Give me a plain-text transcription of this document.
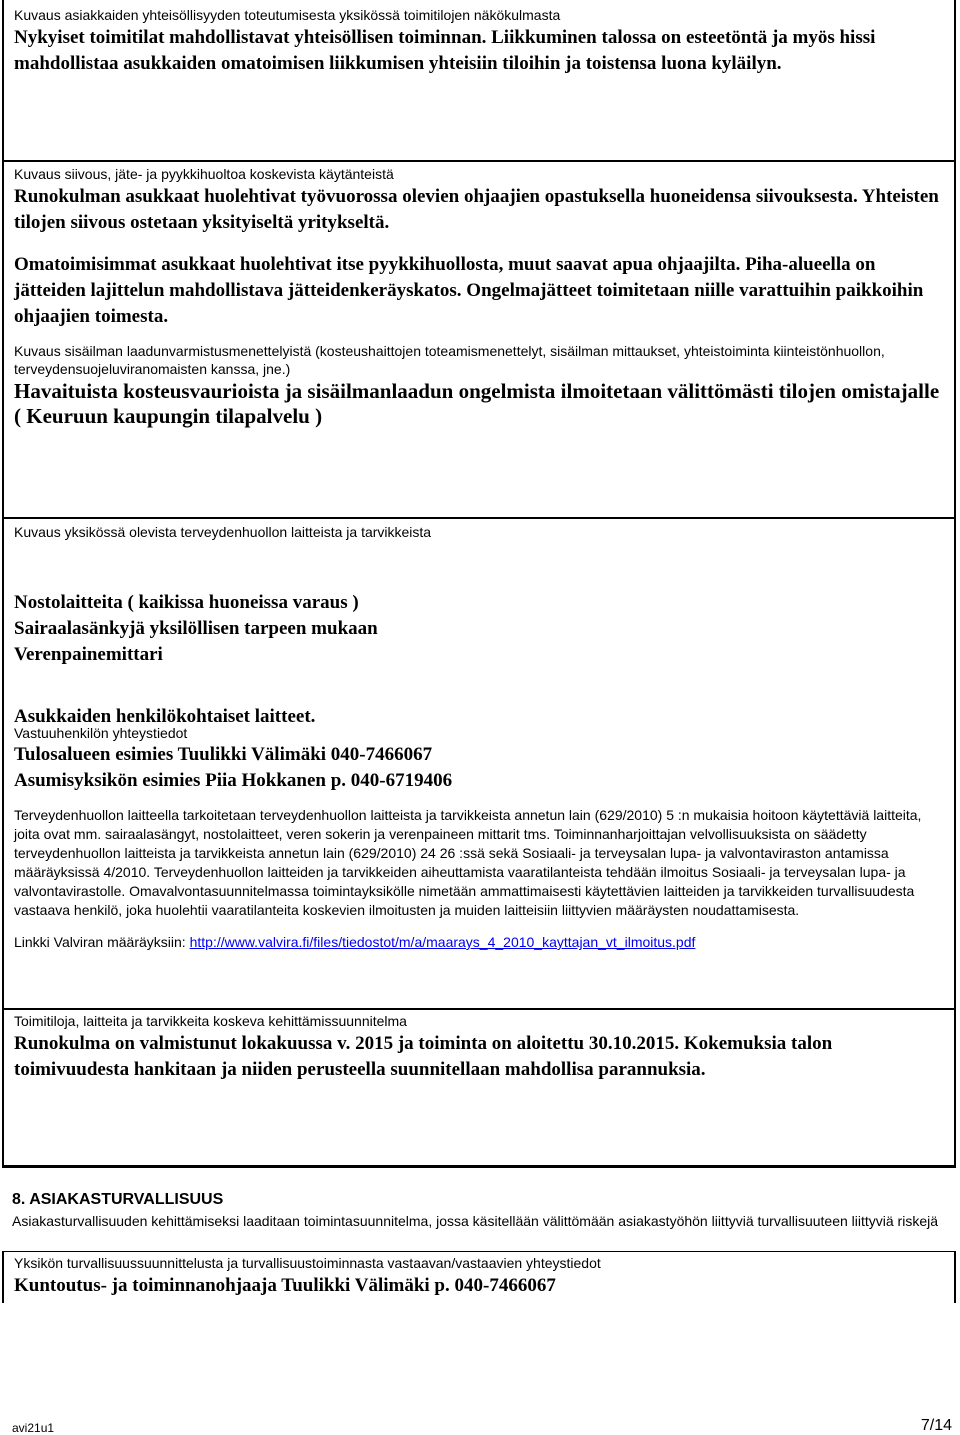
Kuvaus asiakkaiden yhteisöllisyyden toteutumisesta yksikössä toimitilojen näkökulmasta

Nykyiset toimitilat mahdollistavat yhteisöllisen toiminnan. Liikkuminen talossa on esteetöntä ja myös hissi mahdollistaa asukkaiden omatoimisen liikkumisen yhteisiin tiloihin ja toistensa luona kyläilyn.

Kuvaus siivous, jäte- ja pyykkihuoltoa koskevista käytänteistä

Runokulman asukkaat huolehtivat työvuorossa olevien ohjaajien opastuksella huoneidensa siivouksesta. Yhteisten tilojen siivous ostetaan yksityiseltä yritykseltä.

Omatoimisimmat asukkaat huolehtivat itse pyykkihuollosta, muut saavat apua ohjaajilta. Piha-alueella on jätteiden lajittelun mahdollistava jätteidenkeräyskatos. Ongelmajätteet toimitetaan niille varattuihin paikkoihin ohjaajien toimesta.

Kuvaus sisäilman laadunvarmistusmenettelyistä (kosteushaittojen toteamismenettelyt, sisäilman mittaukset, yhteistoiminta kiinteistönhuollon, terveydensuojeluviranomaisten kanssa, jne.)

Havaituista kosteusvaurioista ja sisäilmanlaadun ongelmista ilmoitetaan välittömästi tilojen omistajalle ( Keuruun kaupungin tilapalvelu )

Kuvaus yksikössä olevista terveydenhuollon laitteista ja tarvikkeista

Nostolaitteita ( kaikissa huoneissa varaus )

Sairaalasänkyjä yksilöllisen tarpeen mukaan

Verenpainemittari

Asukkaiden henkilökohtaiset laitteet.

Vastuuhenkilön yhteystiedot

Tulosalueen esimies Tuulikki Välimäki 040-7466067

Asumisyksikön esimies Piia Hokkanen p. 040-6719406

Terveydenhuollon laitteella tarkoitetaan terveydenhuollon laitteista ja tarvikkeista annetun lain (629/2010) 5 :n mukaisia hoitoon käytettäviä laitteita, joita ovat mm. sairaalasängyt, nostolaitteet, veren sokerin ja verenpaineen mittarit tms. Toiminnanharjoittajan velvollisuuksista on säädetty terveydenhuollon laitteista ja tarvikkeista annetun lain (629/2010) 24 26 :ssä sekä Sosiaali- ja terveysalan lupa- ja valvontaviraston antamissa määräyksissä 4/2010. Terveydenhuollon laitteiden ja tarvikkeiden aiheuttamista vaaratilanteista tehdään ilmoitus Sosiaali- ja terveysalan lupa- ja valvontavirastolle. Omavalvontasuunnitelmassa toimintayksikölle nimetään ammattimaisesti käytettävien laitteiden ja tarvikkeiden turvallisuudesta vastaava henkilö, joka huolehtii vaaratilanteita koskevien ilmoitusten ja muiden laitteisiin liittyvien määräysten noudattamisesta.

Linkki Valviran määräyksiin: http://www.valvira.fi/files/tiedostot/m/a/maarays_4_2010_kayttajan_vt_ilmoitus.pdf

Toimitiloja, laitteita ja tarvikkeita koskeva kehittämissuunnitelma

Runokulma on valmistunut lokakuussa v. 2015 ja toiminta on aloitettu 30.10.2015. Kokemuksia talon toimivuudesta hankitaan ja niiden perusteella suunnitellaan mahdollisa parannuksia.

8. ASIAKASTURVALLISUUS
Asiakasturvallisuuden kehittämiseksi laaditaan toimintasuunnitelma, jossa käsitellään välittömään asiakastyöhön liittyviä turvallisuuteen liittyviä riskejä

Yksikön turvallisuussuunnittelusta ja turvallisuustoiminnasta vastaavan/vastaavien yhteystiedot

Kuntoutus- ja toiminnanohjaaja Tuulikki Välimäki p. 040-7466067

avi21u1	7/14
